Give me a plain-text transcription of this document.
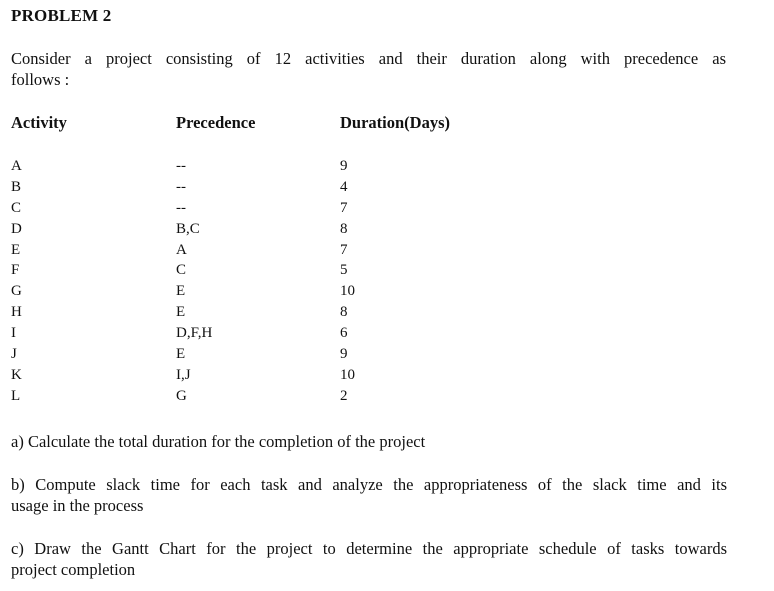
PROBLEM 2
Consider a project consisting of 12 activities and their duration along with precedence as
follows :
Activity	Precedence	Duration(Days)
A	--	9
B	--	4
C	--	7
D	B,C	8
E	A	7
F	C	5
G	E	10
H	E	8
I	D,F,H	6
J	E	9
K	I,J	10
L	G	2
a) Calculate the total duration for the completion of the project
b) Compute slack time for each task and analyze the appropriateness of the slack time and its
usage in the process
c) Draw the Gantt Chart for the project to determine the appropriate schedule of tasks towards
project completion
